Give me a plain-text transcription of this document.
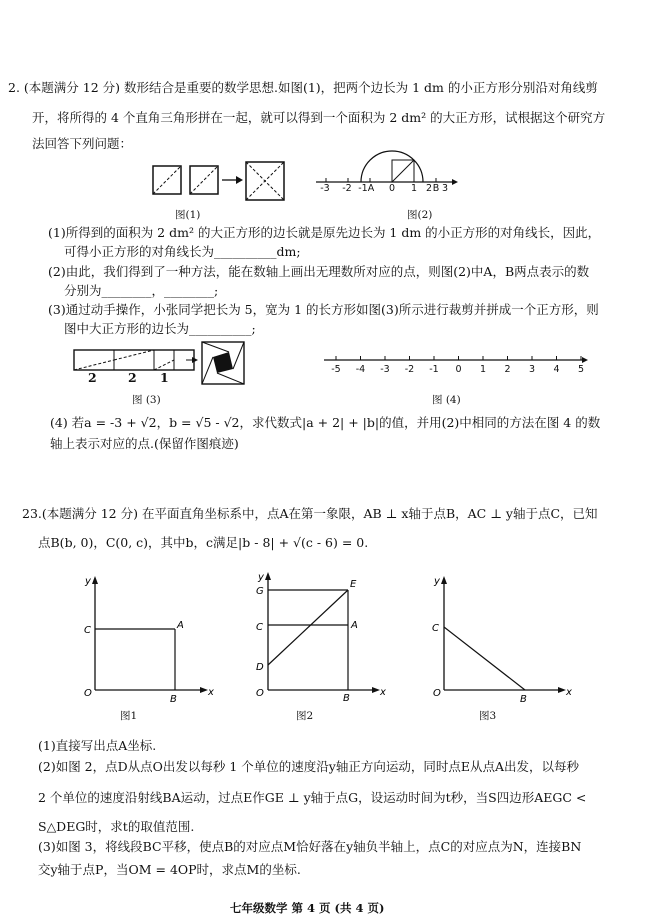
2. (本题满分 12 分) 数形结合是重要的数学思想.如图(1)，把两个边长为 1 dm 的小正方形分别沿对角线剪
开，将所得的 4 个直角三角形拼在一起，就可以得到一个面积为 2 dm² 的大正方形，试根据这个研究方
法回答下列问题：
图(1)
-3 -2 -1 A 0 1 2 B 3
图(2)
(1)所得到的面积为 2 dm² 的大正方形的边长就是原先边长为 1 dm 的小正方形的对角线长，因此，
可得小正方形的对角线长为__________dm;
(2)由此，我们得到了一种方法，能在数轴上画出无理数所对应的点，则图(2)中A，B两点表示的数
分别为________，________;
(3)通过动手操作，小张同学把长为 5，宽为 1 的长方形如图(3)所示进行裁剪并拼成一个正方形，则
图中大正方形的边长为__________;
2	2 1
图 (3)
-5	-4	-3	-2	-1	0	1	2	3	4	5
图 (4)
(4) 若a = -3 + √2，b = √5 - √2，求代数式|a + 2| + |b|的值，并用(2)中相同的方法在图 4 的数
轴上表示对应的点.(保留作图痕迹)
23.(本题满分 12 分) 在平面直角坐标系中，点A在第一象限，AB ⊥ x轴于点B，AC ⊥ y轴于点C，已知
点B(b, 0)，C(0, c)，其中b，c满足|b - 8| + √(c - 6) = 0.
y
x
O
C	A
B
图1
y
x
O
G
C
D
E
A
B
图2
y
x
O
C
B
图3
(1)直接写出点A坐标.
(2)如图 2，点D从点O出发以每秒 1 个单位的速度沿y轴正方向运动，同时点E从点A出发，以每秒
2 个单位的速度沿射线BA运动，过点E作GE ⊥ y轴于点G，设运动时间为t秒，当S四边形AEGC <
S△DEG时，求t的取值范围.
(3)如图 3，将线段BC平移，使点B的对应点M恰好落在y轴负半轴上，点C的对应点为N，连接BN
交y轴于点P，当OM = 4OP时，求点M的坐标.
七年级数学 第 4 页 (共 4 页)
